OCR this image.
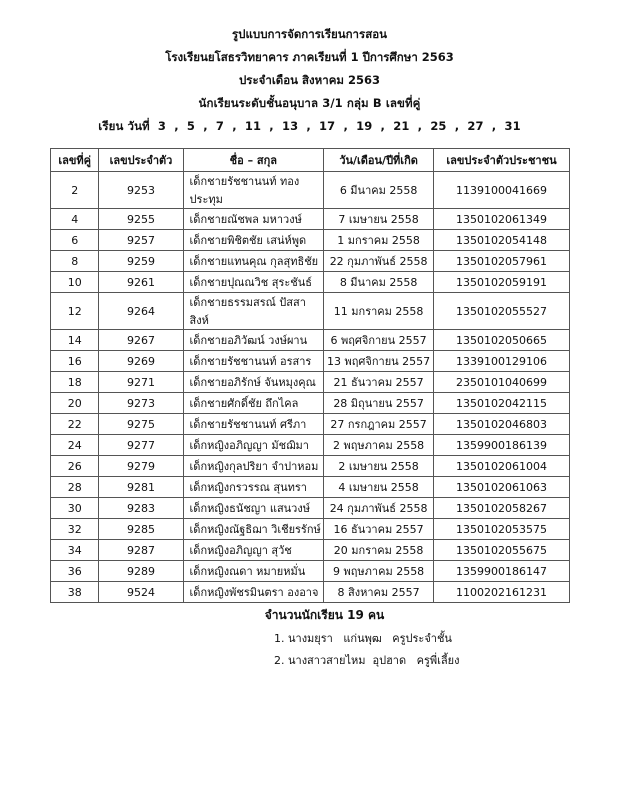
รูปแบบการจัดการเรียนการสอน
โรงเรียนยโสธรวิทยาคาร ภาคเรียนที่ 1 ปีการศึกษา 2563
ประจำเดือน สิงหาคม 2563
นักเรียนระดับชั้นอนุบาล 3/1 กลุ่ม B เลขที่คู่
เรียน วันที่  3  ,  5  ,  7  ,  11  ,  13  ,  17  ,  19  ,  21  ,  25  ,  27  ,  31
เลขที่คู่	เลขประจำตัว	ชื่อ – สกุล	วัน/เดือน/ปีที่เกิด	เลขประจำตัวประชาชน
2	9253	เด็กชายรัชชานนท์ ทองประทุม	6 มีนาคม 2558	1139100041669
4	9255	เด็กชายณัชพล มหาวงษ์	7 เมษายน 2558	1350102061349
6	9257	เด็กชายพิชิตชัย เสน่ห์พูด	1 มกราคม 2558	1350102054148
8	9259	เด็กชายแทนคุณ กุลสุทธิชัย	22 กุมภาพันธ์ 2558	1350102057961
10	9261	เด็กชายปุณณวิช สุระชันธ์	8 มีนาคม 2558	1350102059191
12	9264	เด็กชายธรรมสรณ์ ปัสสาสิงห์	11 มกราคม 2558	1350102055527
14	9267	เด็กชายอภิวัฒน์ วงษ์ผาน	6 พฤศจิกายน 2557	1350102050665
16	9269	เด็กชายรัชชานนท์ อรสาร	13 พฤศจิกายน 2557	1339100129106
18	9271	เด็กชายอภิรักษ์ จันหมุงคุณ	21 ธันวาคม 2557	2350101040699
20	9273	เด็กชายศักดิ์ชัย ถึกไคล	28 มิถุนายน 2557	1350102042115
22	9275	เด็กชายรัชชานนท์ ศรีภา	27 กรกฎาคม 2557	1350102046803
24	9277	เด็กหญิงอภิญญา มัชฌิมา	2 พฤษภาคม 2558	1359900186139
26	9279	เด็กหญิงกุลปริยา จำปาหอม	2 เมษายน 2558	1350102061004
28	9281	เด็กหญิงกรวรรณ สุนทรา	4 เมษายน 2558	1350102061063
30	9283	เด็กหญิงธนัชญา แสนวงษ์	24 กุมภาพันธ์ 2558	1350102058267
32	9285	เด็กหญิงณัฐธิฌา วิเชียรรักษ์	16 ธันวาคม 2557	1350102053575
34	9287	เด็กหญิงอภิญญา สุวัช	20 มกราคม 2558	1350102055675
36	9289	เด็กหญิงณดา หมายหมั่น	9 พฤษภาคม 2558	1359900186147
38	9524	เด็กหญิงพัชรมินตรา องอาจ	8 สิงหาคม 2557	1100202161231
จำนวนนักเรียน 19 คน
1. นางมยุรา   แก่นพุฒ   ครูประจำชั้น
2. นางสาวสายไหม  อุปฮาด   ครูพี่เลี้ยง
